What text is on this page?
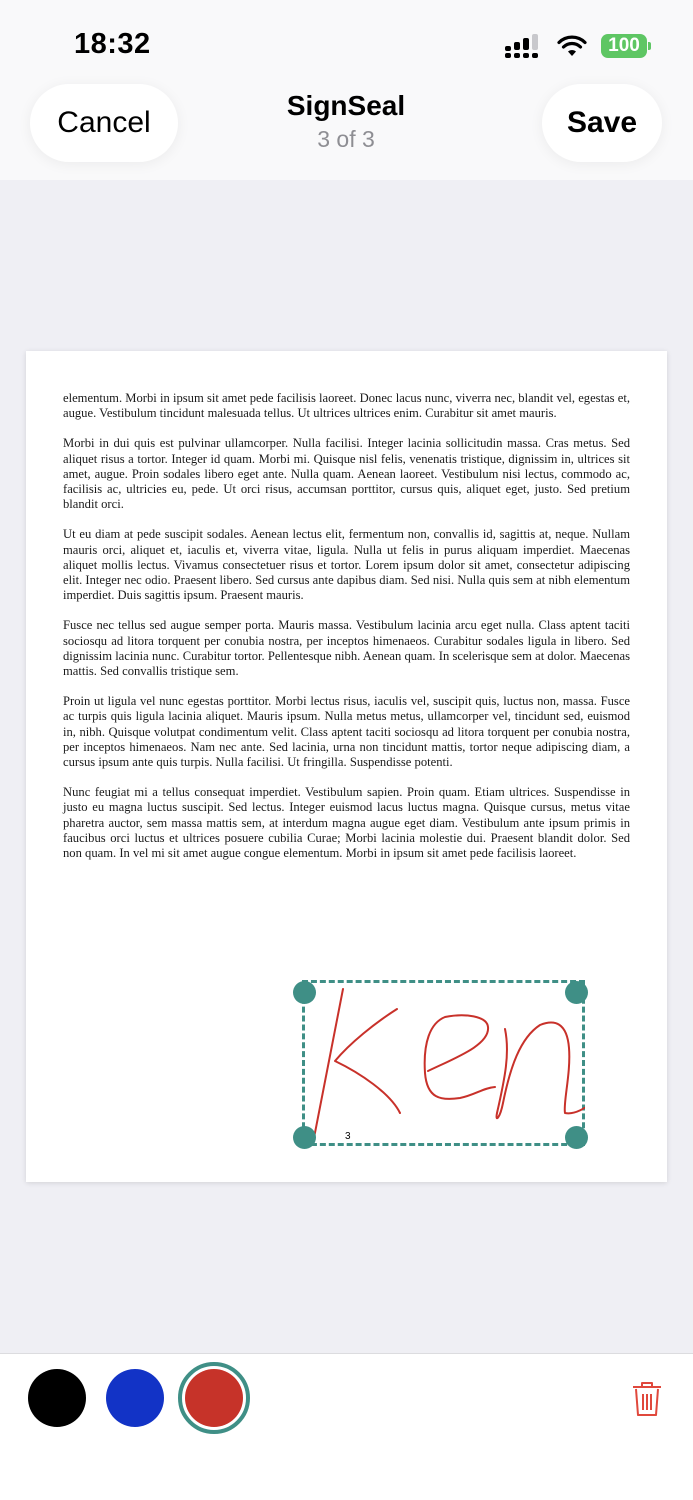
18:32	100
Cancel
SignSeal
3 of 3	Save

elementum. Morbi in ipsum sit amet pede facilisis laoreet. Donec lacus nunc, viverra nec, blandit vel, egestas et, augue. Vestibulum tincidunt malesuada tellus. Ut ultrices ultrices enim. Curabitur sit amet mauris.

Morbi in dui quis est pulvinar ullamcorper. Nulla facilisi. Integer lacinia sollicitudin massa. Cras metus. Sed aliquet risus a tortor. Integer id quam. Morbi mi. Quisque nisl felis, venenatis tristique, dignissim in, ultrices sit amet, augue. Proin sodales libero eget ante. Nulla quam. Aenean laoreet. Vestibulum nisi lectus, commodo ac, facilisis ac, ultricies eu, pede. Ut orci risus, accumsan porttitor, cursus quis, aliquet eget, justo. Sed pretium blandit orci.

Ut eu diam at pede suscipit sodales. Aenean lectus elit, fermentum non, convallis id, sagittis at, neque. Nullam mauris orci, aliquet et, iaculis et, viverra vitae, ligula. Nulla ut felis in purus aliquam imperdiet. Maecenas aliquet mollis lectus. Vivamus consectetuer risus et tortor. Lorem ipsum dolor sit amet, consectetur adipiscing elit. Integer nec odio. Praesent libero. Sed cursus ante dapibus diam. Sed nisi. Nulla quis sem at nibh elementum imperdiet. Duis sagittis ipsum. Praesent mauris.

Fusce nec tellus sed augue semper porta. Mauris massa. Vestibulum lacinia arcu eget nulla. Class aptent taciti sociosqu ad litora torquent per conubia nostra, per inceptos himenaeos. Curabitur sodales ligula in libero. Sed dignissim lacinia nunc. Curabitur tortor. Pellentesque nibh. Aenean quam. In scelerisque sem at dolor. Maecenas mattis. Sed convallis tristique sem.

Proin ut ligula vel nunc egestas porttitor. Morbi lectus risus, iaculis vel, suscipit quis, luctus non, massa. Fusce ac turpis quis ligula lacinia aliquet. Mauris ipsum. Nulla metus metus, ullamcorper vel, tincidunt sed, euismod in, nibh. Quisque volutpat condimentum velit. Class aptent taciti sociosqu ad litora torquent per conubia nostra, per inceptos himenaeos. Nam nec ante. Sed lacinia, urna non tincidunt mattis, tortor neque adipiscing diam, a cursus ipsum ante quis turpis. Nulla facilisi. Ut fringilla. Suspendisse potenti.

Nunc feugiat mi a tellus consequat imperdiet. Vestibulum sapien. Proin quam. Etiam ultrices. Suspendisse in justo eu magna luctus suscipit. Sed lectus. Integer euismod lacus luctus magna. Quisque cursus, metus vitae pharetra auctor, sem massa mattis sem, at interdum magna augue eget diam. Vestibulum ante ipsum primis in faucibus orci luctus et ultrices posuere cubilia Curae; Morbi lacinia molestie dui. Praesent blandit dolor. Sed non quam. In vel mi sit amet augue congue elementum. Morbi in ipsum sit amet pede facilisis laoreet.

3
